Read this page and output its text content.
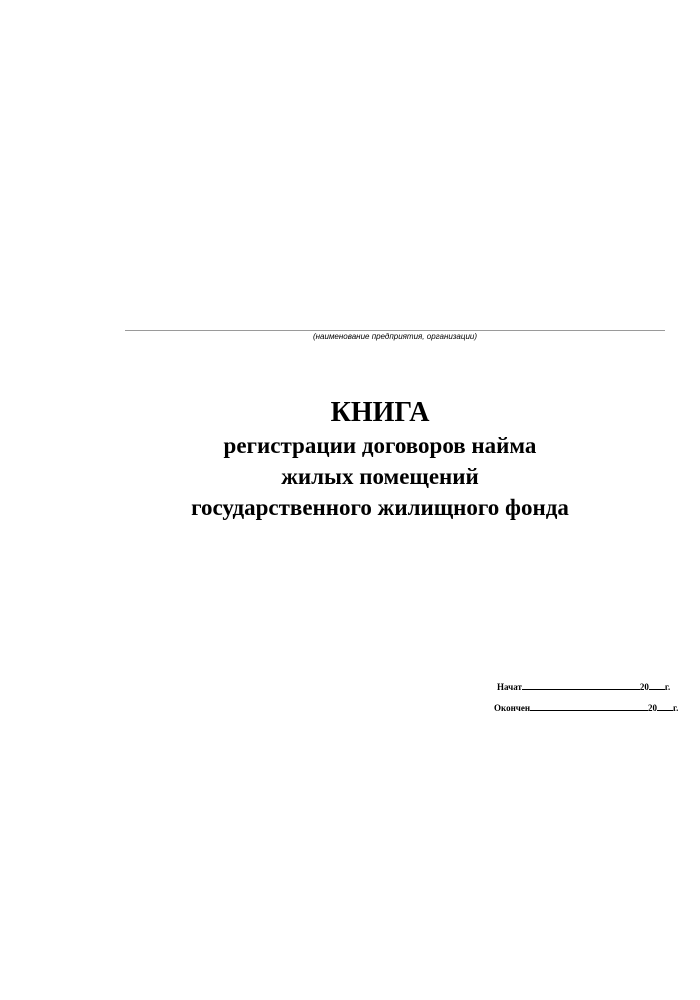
(наименование предприятия, организации)
КНИГА
регистрации договоров найма
жилых помещений
государственного жилищного фонда
Начат	20 г.
Окончен	20 г.
